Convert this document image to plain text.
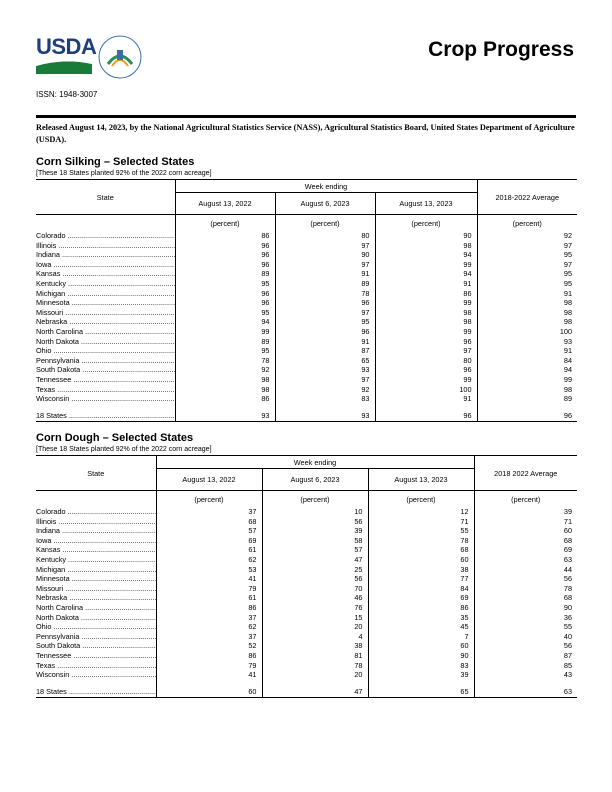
USDA	Crop Progress
ISSN: 1948-3007
Released August 14, 2023, by the National Agricultural Statistics Service (NASS), Agricultural Statistics Board, United States Department of Agriculture (USDA).

Corn Silking – Selected States

[These 18 States planted 92% of the 2022 corn acreage]

State	Week ending			2018-2022 Average
	August 13, 2022	August 6, 2023	August 13, 2023	
	(percent)	(percent)	(percent)	(percent)
Colorado .....	86	80	90	92
Illinois .....	96	97	98	97
Indiana .....	96	90	94	95
Iowa .....	96	97	99	97
Kansas .....	89	91	94	95
Kentucky .....	95	89	91	95
Michigan .....	96	78	86	91
Minnesota .....	96	96	99	98
Missouri .....	95	97	98	98
Nebraska .....	94	95	98	98
North Carolina .....	99	96	99	100
North Dakota .....	89	91	96	93
Ohio .....	95	87	97	91
Pennsylvania .....	78	65	80	84
South Dakota .....	92	93	96	94
Tennessee .....	98	97	99	99
Texas .....	98	92	100	98
Wisconsin .....	86	83	91	89

18 States .....	93	93	96	96

Corn Dough – Selected States

[These 18 States planted 92% of the 2022 corn acreage]

State	Week ending			2018 2022 Average
	August 13, 2022	August 6, 2023	August 13, 2023	
	(percent)	(percent)	(percent)	(percent)
Colorado .....	37	10	12	39
Illinois .....	68	56	71	71
Indiana .....	57	39	55	60
Iowa .....	69	58	78	68
Kansas .....	61	57	68	69
Kentucky .....	62	47	60	63
Michigan .....	53	25	38	44
Minnesota .....	41	56	77	56
Missouri .....	79	70	84	78
Nebraska .....	61	46	69	68
North Carolina .....	86	76	86	90
North Dakota .....	37	15	35	36
Ohio .....	62	20	45	55
Pennsylvania .....	37	4	7	40
South Dakota .....	52	38	60	56
Tennessee .....	86	81	90	87
Texas .....	79	78	83	85
Wisconsin .....	41	20	39	43

18 States .....	60	47	65	63
